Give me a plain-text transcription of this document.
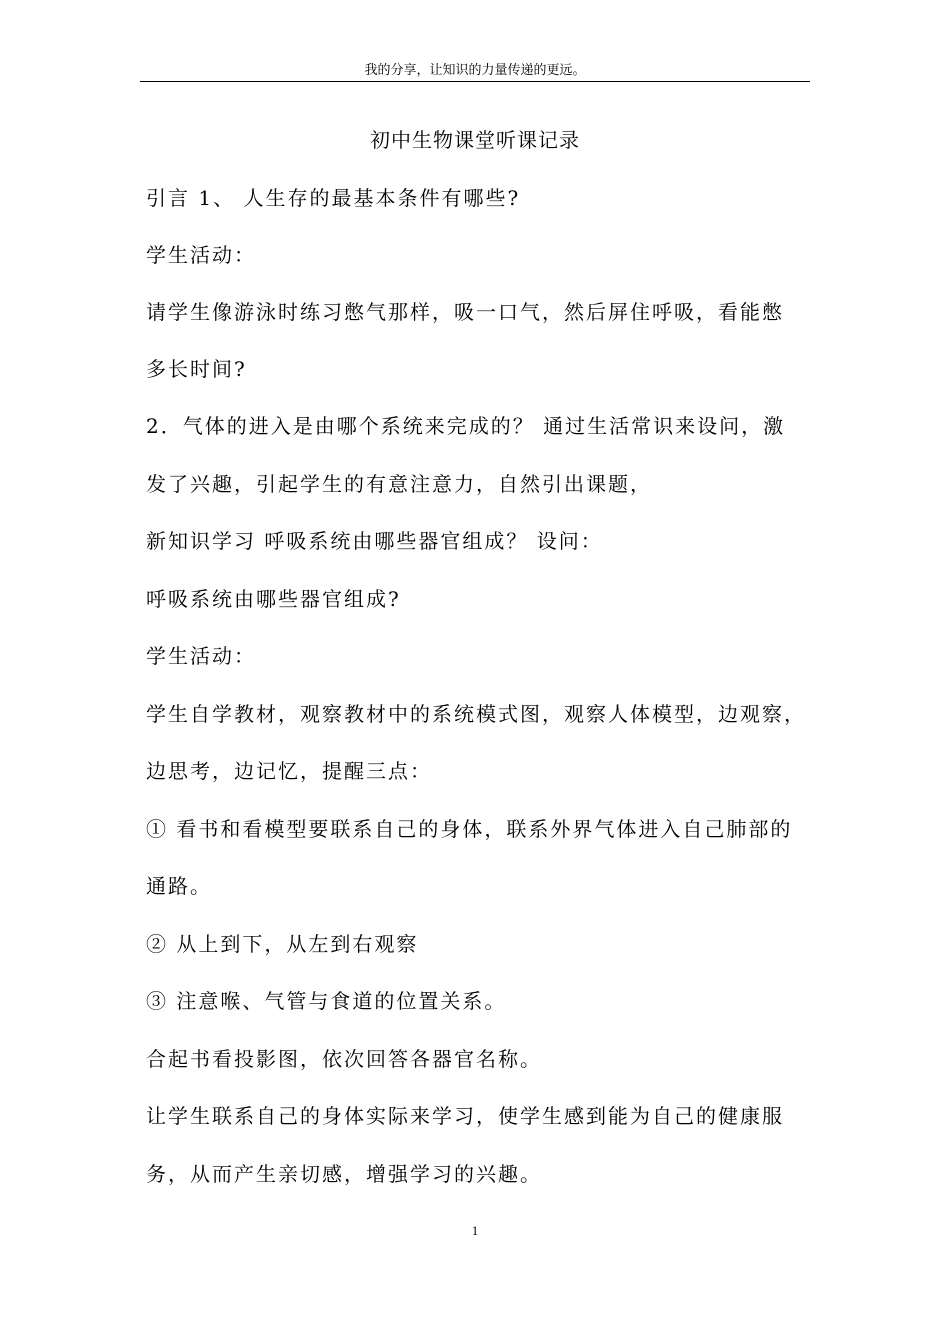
我的分享，让知识的力量传递的更远。
初中生物课堂听课记录
引言 1、 人生存的最基本条件有哪些?
学生活动：
请学生像游泳时练习憋气那样，吸一口气，然后屏住呼吸，看能憋
多长时间?
2．气体的进入是由哪个系统来完成的？ 通过生活常识来设问，激
发了兴趣，引起学生的有意注意力，自然引出课题，
新知识学习 呼吸系统由哪些器官组成？ 设问：
呼吸系统由哪些器官组成?
学生活动：
学生自学教材，观察教材中的系统模式图，观察人体模型，边观察，
边思考，边记忆，提醒三点：
① 看书和看模型要联系自己的身体，联系外界气体进入自己肺部的
通路。
② 从上到下，从左到右观察
③ 注意喉、气管与食道的位置关系。
合起书看投影图，依次回答各器官名称。
让学生联系自己的身体实际来学习，使学生感到能为自己的健康服
务，从而产生亲切感，增强学习的兴趣。
1
